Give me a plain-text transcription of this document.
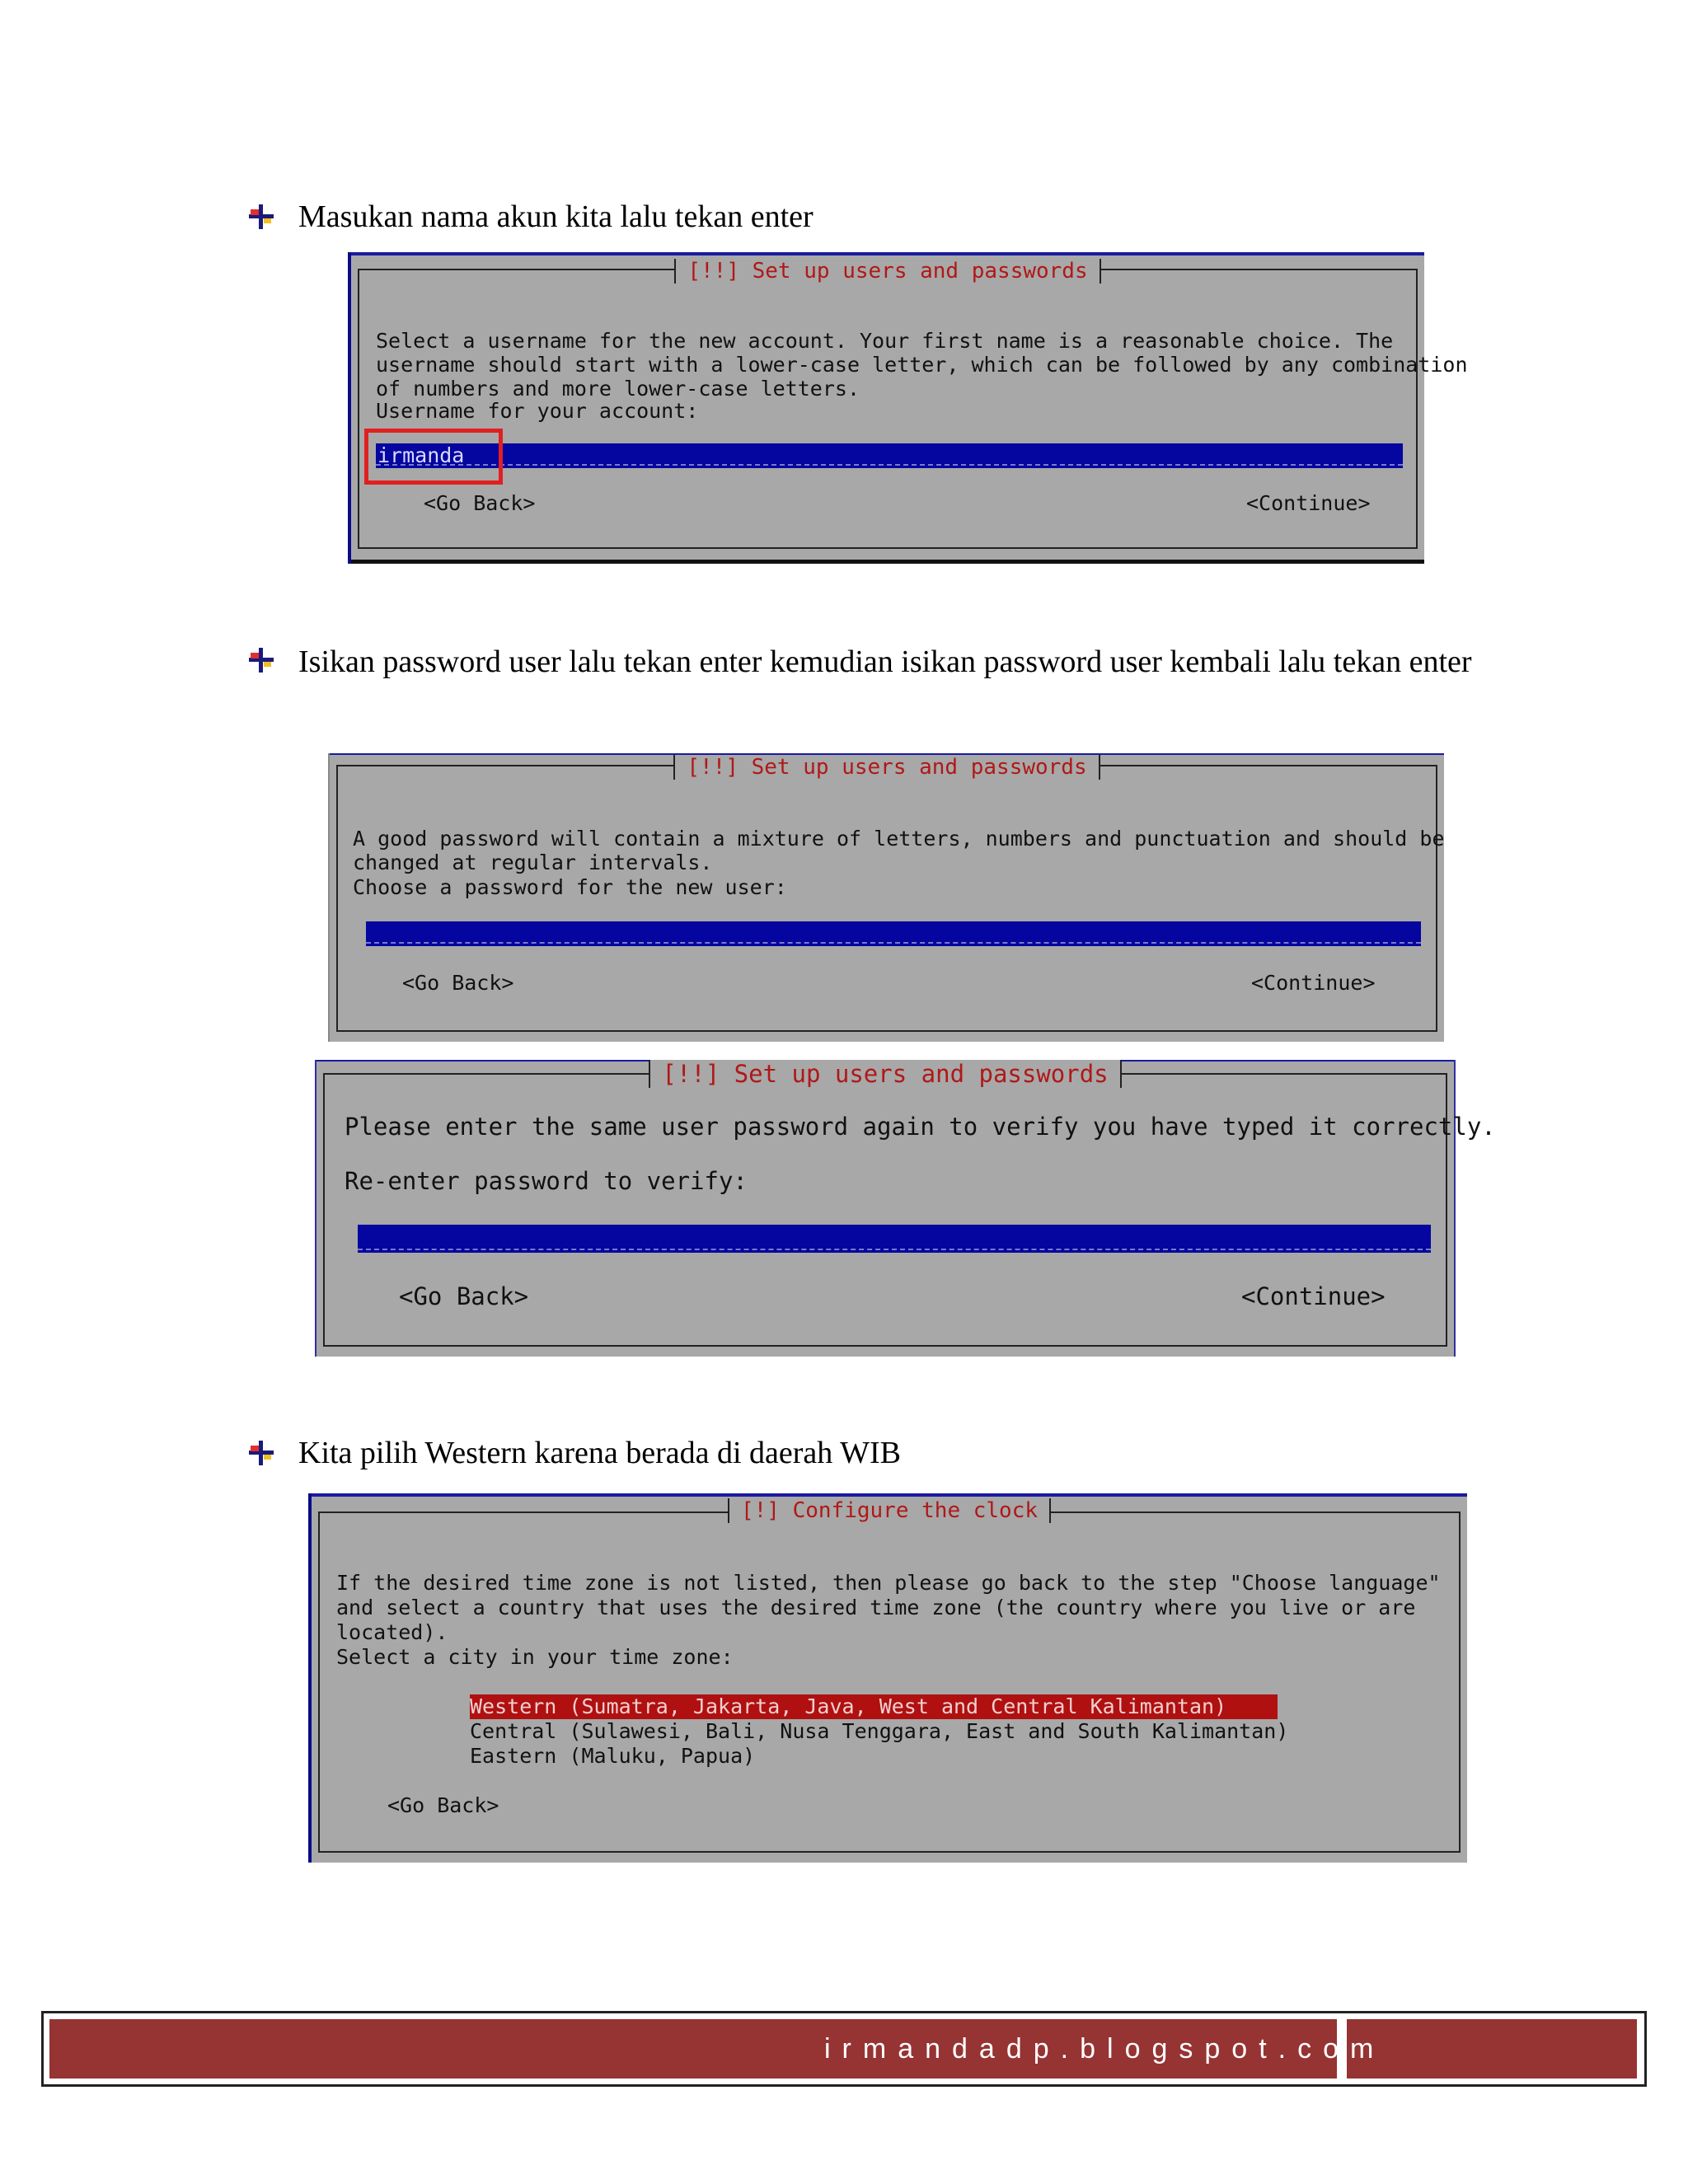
Masukan nama akun kita lalu tekan enter
[!!] Set up users and passwords

Select a username for the new account. Your first name is a reasonable choice. The
username should start with a lower-case letter, which can be followed by any combination
of numbers and more lower-case letters.
Username for your account:
irmanda
<Go Back>	<Continue>
Isikan password user lalu tekan enter kemudian isikan password user kembali lalu tekan enter
[!!] Set up users and passwords

A good password will contain a mixture of letters, numbers and punctuation and should be
changed at regular intervals.
Choose a password for the new user:
<Go Back>	<Continue>
[!!] Set up users and passwords
Please enter the same user password again to verify you have typed it correctly.
Re-enter password to verify:
<Go Back>	<Continue>
Kita pilih Western karena berada di daerah WIB
[!] Configure the clock

If the desired time zone is not listed, then please go back to the step "Choose language"
and select a country that uses the desired time zone (the country where you live or are
located).
Select a city in your time zone:
Western (Sumatra, Jakarta, Java, West and Central Kalimantan)
Central (Sulawesi, Bali, Nusa Tenggara, East and South Kalimantan)
Eastern (Maluku, Papua)
<Go Back>
irmandadp.blogspot.com
